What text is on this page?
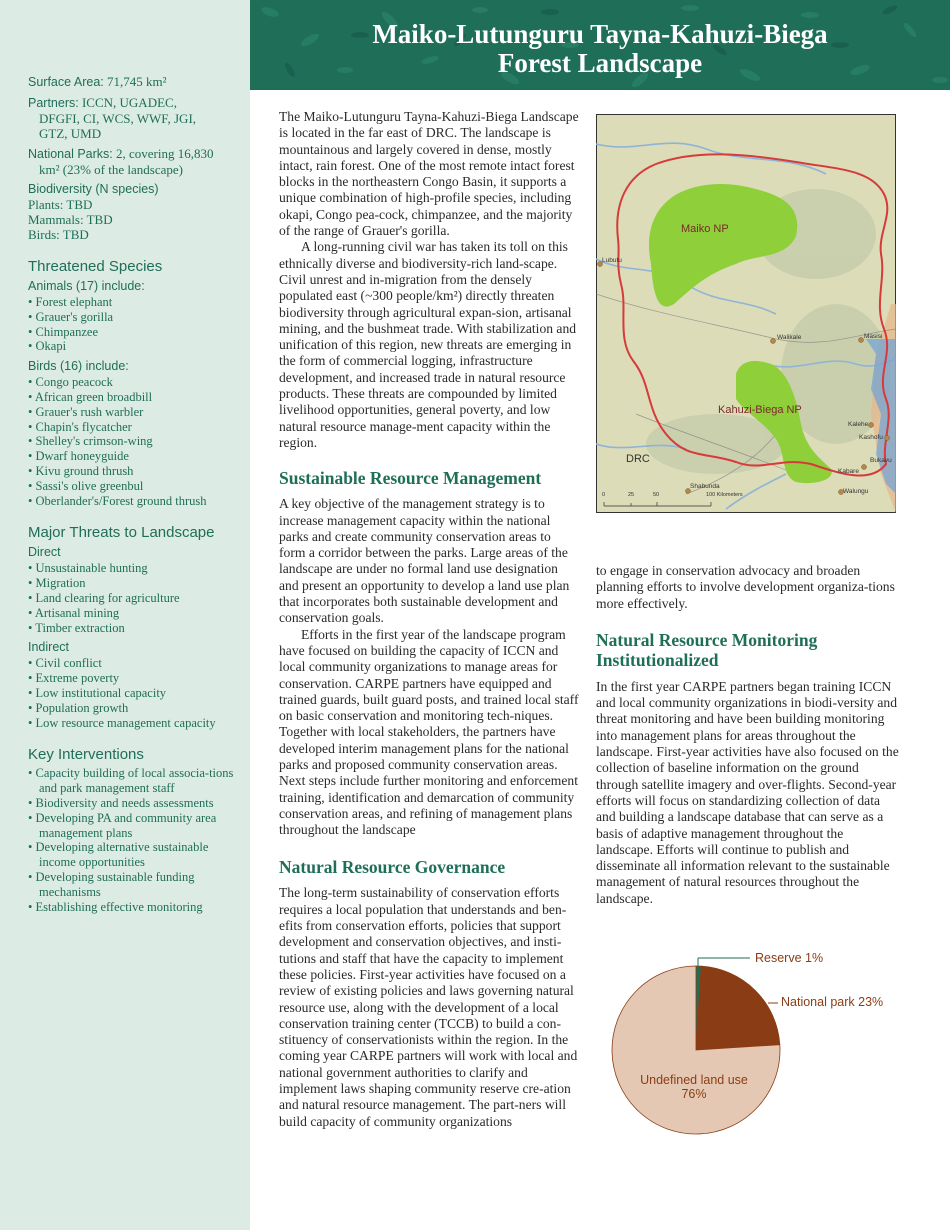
Maiko-Lutunguru Tayna-Kahuzi-Biega
Forest Landscape
Surface Area: 71,745 km²
Partners: ICCN, UGADEC,
DFGFI, CI, WCS, WWF, JGI,
GTZ, UMD
National Parks: 2, covering 16,830
km² (23% of the landscape)

Biodiversity (N species)

Plants: TBD

Mammals: TBD

Birds: TBD

Threatened Species
Animals (17) include:
• Forest elephant
• Grauer's gorilla
• Chimpanzee
• Okapi
Birds (16) include:
• Congo peacock
• African green broadbill
• Grauer's rush warbler
• Chapin's flycatcher
• Shelley's crimson-wing
• Dwarf honeyguide
• Kivu ground thrush
• Sassi's olive greenbul
• Oberlander's/Forest ground thrush
Major Threats to Landscape
Direct
• Unsustainable hunting
• Migration
• Land clearing for agriculture
• Artisanal mining
• Timber extraction
Indirect
• Civil conflict
• Extreme poverty
• Low institutional capacity
• Population growth
• Low resource management capacity
Key Interventions
• Capacity building of local associa-tions and park management staff
• Biodiversity and needs assessments
• Developing PA and community area management plans
• Developing alternative sustainable income opportunities
• Developing sustainable funding mechanisms
• Establishing effective monitoring

The Maiko-Lutunguru Tayna-Kahuzi-Biega Landscape is located in the far east of DRC. The landscape is mountainous and largely covered in dense, mostly intact, rain forest. One of the most remote intact forest blocks in the northeastern Congo Basin, it supports a unique combination of high-profile species, including okapi, Congo pea-cock, chimpanzee, and the majority of the range of Grauer's gorilla.

A long-running civil war has taken its toll on this ethnically diverse and biodiversity-rich land-scape. Civil unrest and in-migration from the densely populated east (~300 people/km²) directly threaten biodiversity through agricultural expan-sion, artisanal mining, and the bushmeat trade. With stabilization and unification of this region, new threats are emerging in the form of commercial logging, infrastructure development, and increased trade in natural resource products. These threats are compounded by limited livelihood opportunities, general poverty, and low natural resource manage-ment capacity within the region.

Sustainable Resource Management

A key objective of the management strategy is to increase management capacity within the national parks and create community conservation areas to form a corridor between the parks. Large areas of the landscape are under no formal land use designation and present an opportunity to develop a land use plan that incorporates both sustainable development and conservation goals.

Efforts in the first year of the landscape program have focused on building the capacity of ICCN and local community organizations to manage areas for conservation. CARPE partners have equipped and trained guards, built guard posts, and trained local staff on basic conservation and monitoring tech-niques. Together with local stakeholders, the partners have developed interim management plans for the national parks and proposed community conservation areas. Next steps include further monitoring and enforcement training, identification and demarcation of community conservation areas, and refining of management plans throughout the landscape

Natural Resource Governance

The long-term sustainability of conservation efforts requires a local population that understands and ben-efits from conservation efforts, policies that support development and conservation objectives, and insti-tutions and staff that have the capacity to implement these policies. First-year activities have focused on a review of existing policies and laws governing natural resource use, along with the development of a local conservation training center (TCCB) to build a con-stituency of conservationists within the region. In the coming year CARPE partners will work with local and national government authorities to clarify and implement laws shaping community reserve cre-ation and natural resource management. The part-ners will build capacity of community organizations

Maiko NP
Kahuzi-Biega NP
DRC
Lubutu
Walikale	Masisi
Kalehe
Kashofu
Bukavu
Kabare
Walungu
Shabunda
0	25	50	100 Kilometers

to engage in conservation advocacy and broaden planning efforts to involve development organiza-tions more effectively.

Natural Resource Monitoring Institutionalized

In the first year CARPE partners began training ICCN and local community organizations in biodi-versity and threat monitoring and have been building monitoring into management plans for areas throughout the landscape. First-year activities have also focused on the collection of baseline information on the ground through satellite imagery and over-flights. Second-year efforts will focus on standardizing collection of data and building a landscape database that can serve as a basis of adaptive management throughout the landscape. Efforts will continue to publish and disseminate all information relevant to the sustainable management of natural resources throughout the landscape.

Reserve 1%
National park 23%
Undefined land use
76%
